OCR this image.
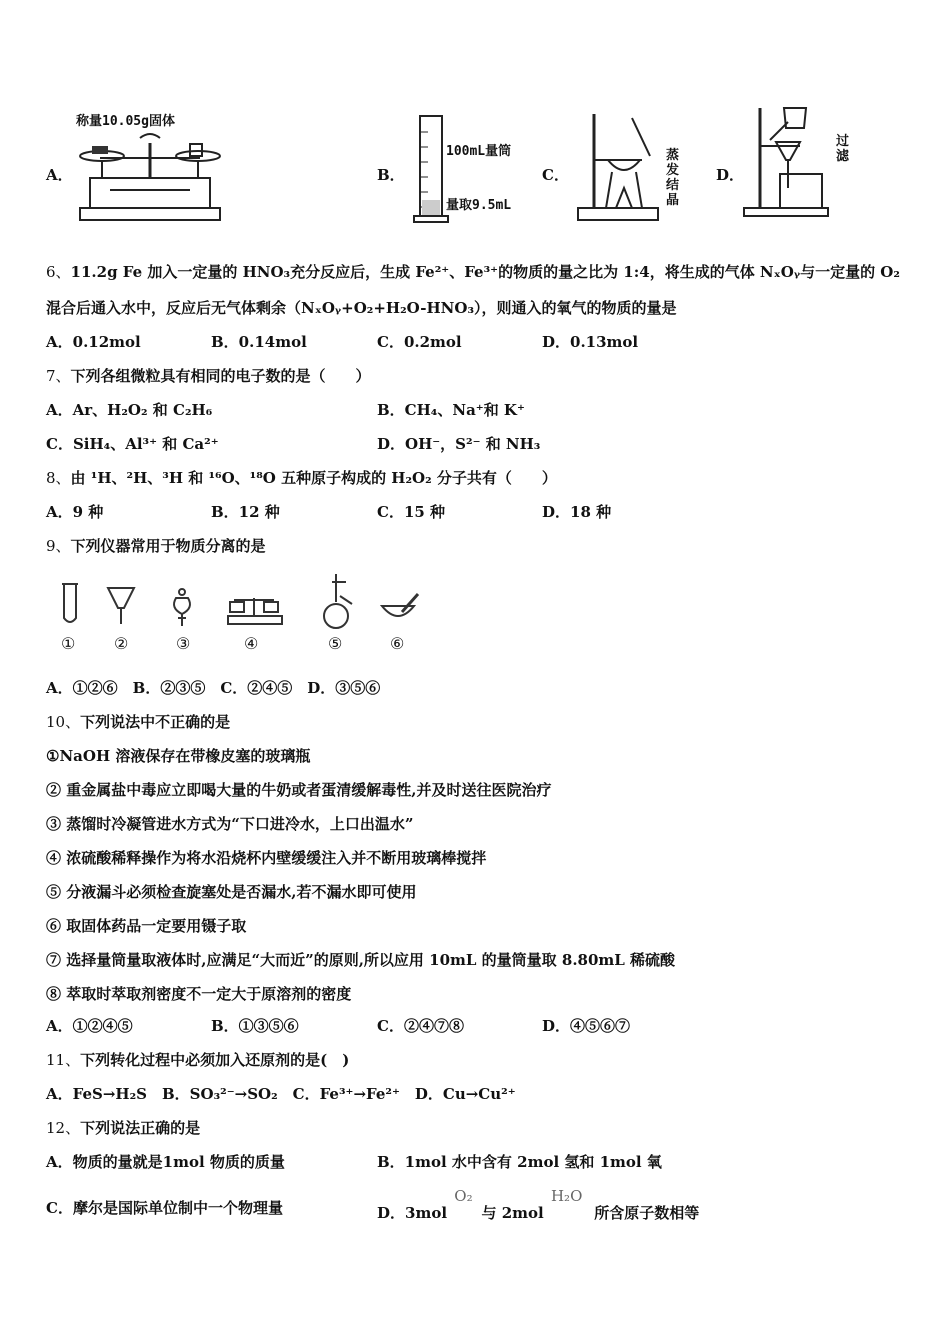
A．
称量10.05g固体
B．
100mL量筒
量取9.5mL
C．
蒸发结晶
D．
过滤
6、11.2g Fe 加入一定量的 HNO₃充分反应后，生成 Fe²⁺、Fe³⁺的物质的量之比为 1:4，将生成的气体 NₓOᵧ与一定量的 O₂
混合后通入水中，反应后无气体剩余（NₓOᵧ+O₂+H₂O-HNO₃），则通入的氧气的物质的量是
A．0.12mol	B．0.14mol	C．0.2mol	D．0.13mol
7、下列各组微粒具有相同的电子数的是（　　）
A．Ar、H₂O₂ 和 C₂H₆	B．CH₄、Na⁺和 K⁺
C．SiH₄、Al³⁺ 和 Ca²⁺	D．OH⁻，S²⁻ 和 NH₃
8、由 ¹H、²H、³H 和 ¹⁶O、¹⁸O 五种原子构成的 H₂O₂ 分子共有（　　）
A．9 种	B．12 种	C．15 种	D．18 种
9、下列仪器常用于物质分离的是
① ②	③	④	⑤	⑥
A．①②⑥　B．②③⑤　C．②④⑤　D．③⑤⑥
10、下列说法中不正确的是
①NaOH 溶液保存在带橡皮塞的玻璃瓶
② 重金属盐中毒应立即喝大量的牛奶或者蛋清缓解毒性,并及时送往医院治疗
③ 蒸馏时冷凝管进水方式为“下口进冷水，上口出温水”
④ 浓硫酸稀释操作为将水沿烧杯内壁缓缓注入并不断用玻璃棒搅拌
⑤ 分液漏斗必须检查旋塞处是否漏水,若不漏水即可使用
⑥ 取固体药品一定要用镊子取
⑦ 选择量筒量取液体时,应满足“大而近”的原则,所以应用 10mL 的量筒量取 8.80mL 稀硫酸
⑧ 萃取时萃取剂密度不一定大于原溶剂的密度
A．①②④⑤	B．①③⑤⑥	C．②④⑦⑧	D．④⑤⑥⑦
11、下列转化过程中必须加入还原剂的是(　)
A．FeS→H₂S　B．SO₃²⁻→SO₂　C．Fe³⁺→Fe²⁺　D．Cu→Cu²⁺
12、下列说法正确的是
A．物质的量就是1mol 物质的质量	B．1mol 水中含有 2mol 氢和 1mol 氧
C．摩尔是国际单位制中一个物理量	D．3mol
O₂
与 2mol
H₂O
所含原子数相等
